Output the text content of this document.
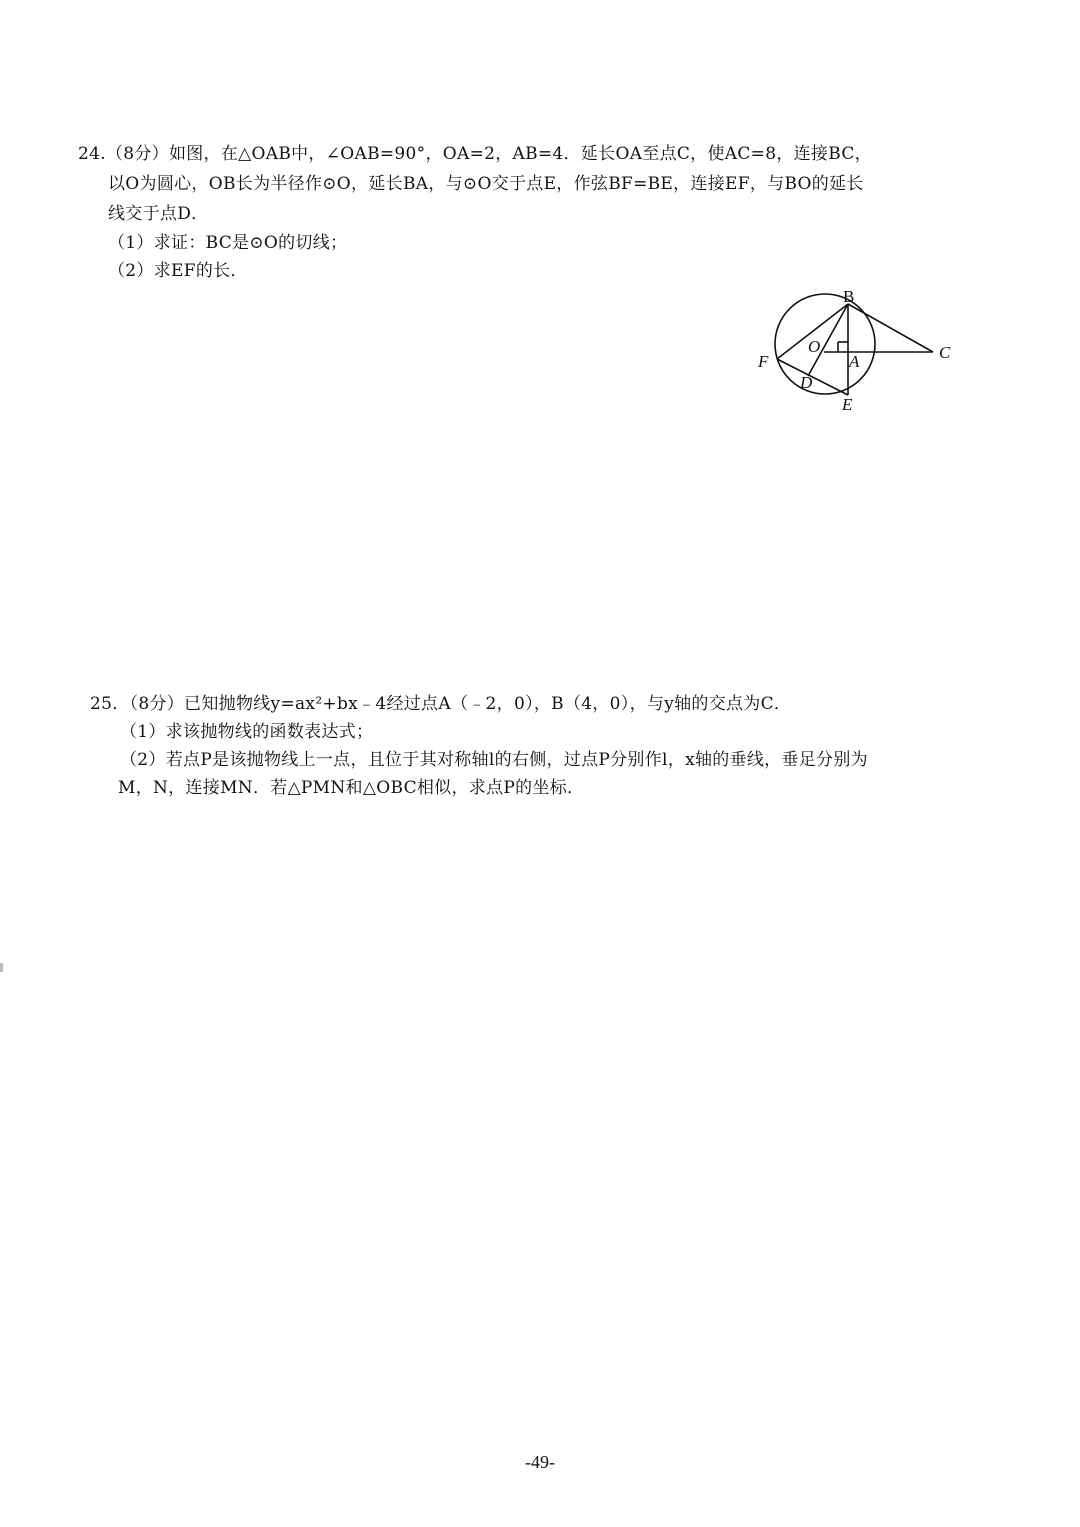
24.（8分）如图，在△OAB中，∠OAB=90°，OA=2，AB=4．延长OA至点C，使AC=8，连接BC，
以O为圆心，OB长为半径作⊙O，延长BA，与⊙O交于点E，作弦BF=BE，连接EF，与BO的延长
线交于点D．
（1）求证：BC是⊙O的切线；
（2）求EF的长．
B
C
F
O
A
D
E
25．（8分）已知抛物线y=ax²+bx﹣4经过点A（﹣2，0），B（4，0），与y轴的交点为C．
（1）求该抛物线的函数表达式；
（2）若点P是该抛物线上一点，且位于其对称轴l的右侧，过点P分别作l，x轴的垂线，垂足分别为
M，N，连接MN．若△PMN和△OBC相似，求点P的坐标．
-49-
